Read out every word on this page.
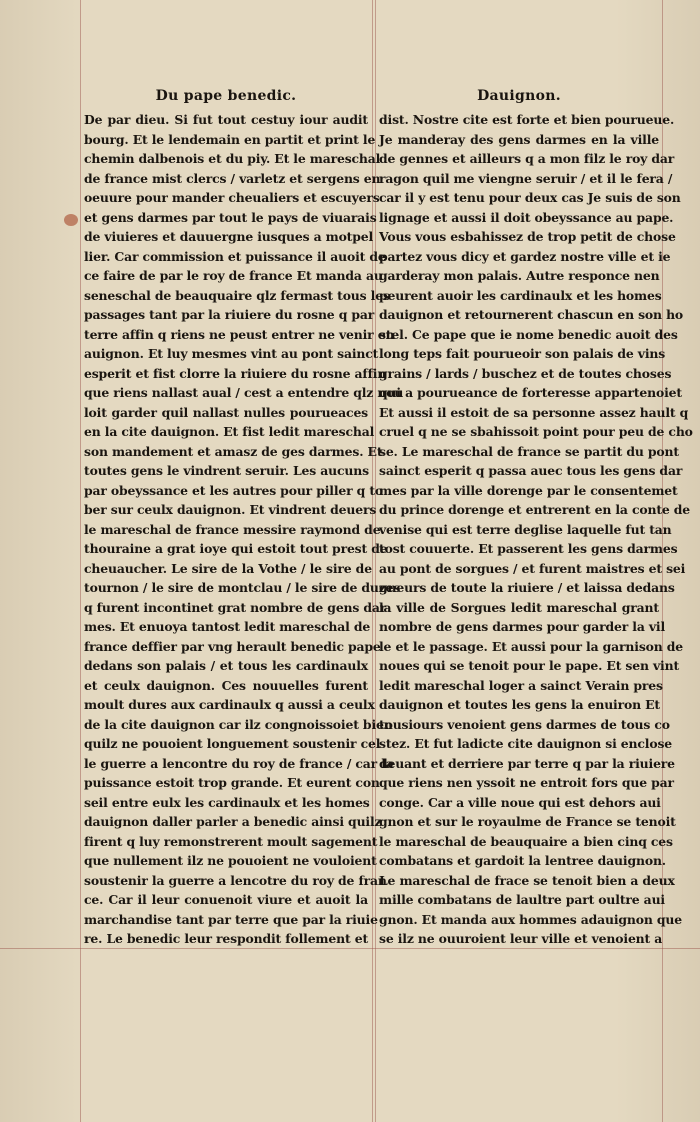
Du pape benedic.
De par dieu. Si fut tout cestuy iour audit
bourg. Et le lendemain en partit et print le
chemin dalbenois et du piy. Et le mareschal
de france mist clercs / varletz et sergens en
oeuure pour mander cheualiers et escuyers
et gens darmes par tout le pays de viuarais
de viuieres et dauuergne iusques a motpel
lier. Car commission et puissance il auoit de
ce faire de par le roy de france Et manda au
seneschal de beauquaire qlz fermast tous les
passages tant par la riuiere du rosne q par
terre affin q riens ne peust entrer ne venir en
auignon. Et luy mesmes vint au pont sainct
esperit et fist clorre la riuiere du rosne affin
que riens nallast aual / cest a entendre qlz nou
loit garder quil nallast nulles pourueaces
en la cite dauignon. Et fist ledit mareschal
son mandement et amasz de ges darmes. Et
toutes gens le vindrent seruir. Les aucuns
par obeyssance et les autres pour piller q to
ber sur ceulx dauignon. Et vindrent deuers
le mareschal de france messire raymond de
thouraine a grat ioye qui estoit tout prest de
cheuaucher. Le sire de la Vothe / le sire de
tournon / le sire de montclau / le sire de duzes
q furent incontinet grat nombre de gens dar
mes. Et enuoya tantost ledit mareschal de
france deffier par vng herault benedic pape
dedans son palais / et tous les cardinaulx
et ceulx dauignon. Ces nouuelles furent
moult dures aux cardinaulx q aussi a ceulx
de la cite dauignon car ilz congnoissoiet bien
quilz ne pouoient longuement soustenir cel
le guerre a lencontre du roy de france / car la
puissance estoit trop grande. Et eurent con
seil entre eulx les cardinaulx et les homes
dauignon daller parler a benedic ainsi quilz
firent q luy remonstrerent moult sagement
que nullement ilz ne pouoient ne vouloient
soustenir la guerre a lencotre du roy de fran
ce. Car il leur conuenoit viure et auoit la
marchandise tant par terre que par la riuie
re. Le benedic leur respondit follement et
Dauignon.
dist. Nostre cite est forte et bien pourueue.
Je manderay des gens darmes en la ville
de gennes et ailleurs q a mon filz le roy dar
ragon quil me viengne seruir / et il le fera /
car il y est tenu pour deux cas Je suis de son
lignage et aussi il doit obeyssance au pape.
Vous vous esbahissez de trop petit de chose
partez vous dicy et gardez nostre ville et ie
garderay mon palais. Autre responce nen
peurent auoir les cardinaulx et les homes
dauignon et retournerent chascun en son ho
stel. Ce pape que ie nome benedic auoit des
long teps fait pourueoir son palais de vins
grains / lards / buschez et de toutes choses
qui a pourueance de forteresse appartenoiet
Et aussi il estoit de sa personne assez hault q
cruel q ne se sbahissoit point pour peu de cho
se. Le mareschal de france se partit du pont
sainct esperit q passa auec tous les gens dar
mes par la ville dorenge par le consentemet
du prince dorenge et entrerent en la conte de
venise qui est terre deglise laquelle fut tan
tost couuerte. Et passerent les gens darmes
au pont de sorgues / et furent maistres et sei
gneurs de toute la riuiere / et laissa dedans
la ville de Sorgues ledit mareschal grant
nombre de gens darmes pour garder la vil
le et le passage. Et aussi pour la garnison de
noues qui se tenoit pour le pape. Et sen vint
ledit mareschal loger a sainct Verain pres
dauignon et toutes les gens la enuiron Et
tousiours venoient gens darmes de tous co
stez. Et fut ladicte cite dauignon si enclose
deuant et derriere par terre q par la riuiere
que riens nen yssoit ne entroit fors que par
conge. Car a ville noue qui est dehors aui
gnon et sur le royaulme de France se tenoit
le mareschal de beauquaire a bien cinq ces
combatans et gardoit la lentree dauignon.
Le mareschal de frace se tenoit bien a deux
mille combatans de laultre part oultre aui
gnon. Et manda aux hommes adauignon que
se ilz ne ouuroient leur ville et venoient a
